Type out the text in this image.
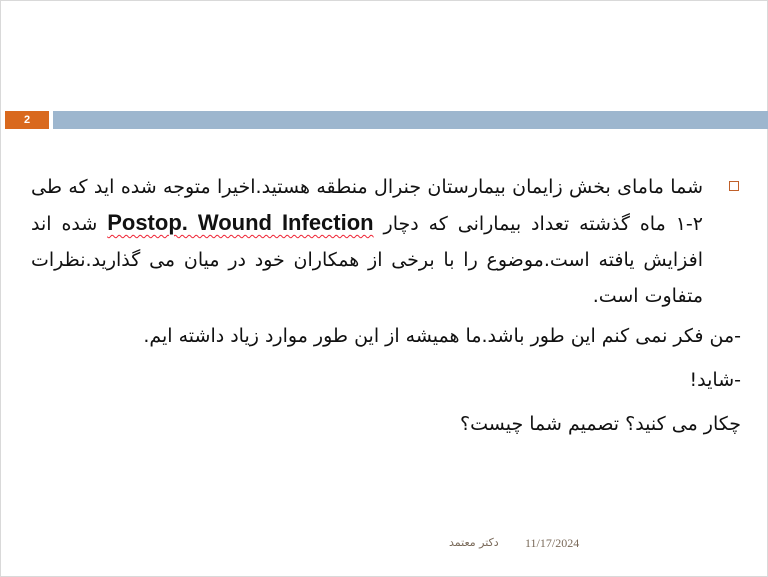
2
شما مامای بخش زایمان بیمارستان جنرال منطقه هستید.اخیرا متوجه شده اید که طی ۲-۱ ماه گذشته تعداد بیمارانی که دچار Postop. Wound Infection شده اند افزایش یافته است.موضوع را با برخی از همکاران خود در میان می گذارید.نظرات متفاوت است.
-من فکر نمی کنم این طور باشد.ما همیشه از این طور موارد زیاد داشته ایم.
-شاید!
چکار می کنید؟ تصمیم شما چیست؟
دکتر معتمد 11/17/2024
